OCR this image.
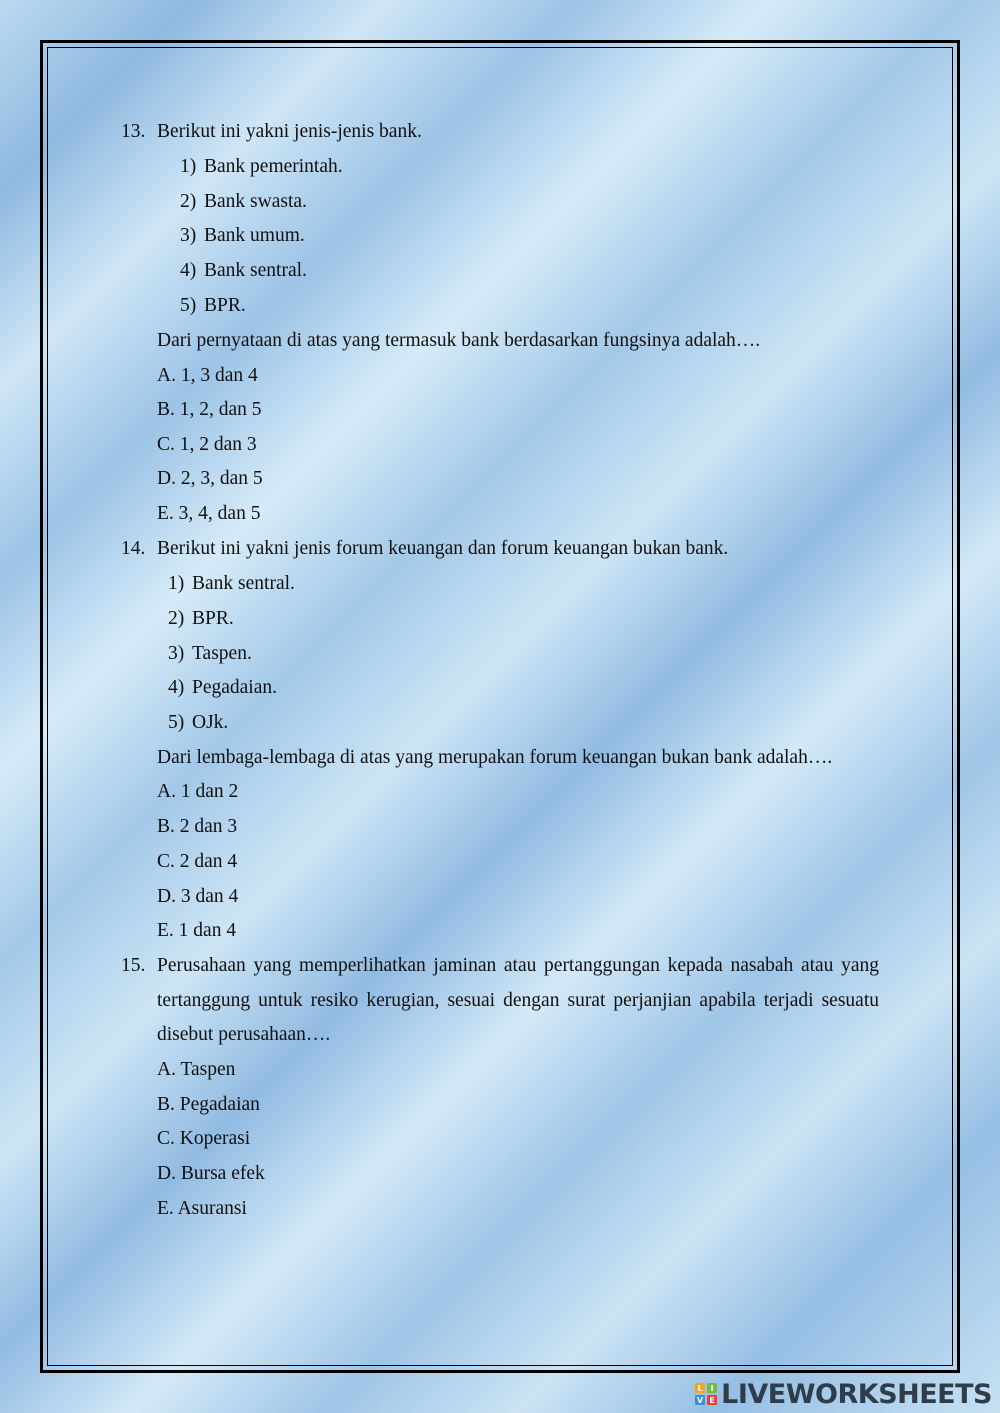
13. Berikut ini yakni jenis-jenis bank.
1) Bank pemerintah.
2) Bank swasta.
3) Bank umum.
4) Bank sentral.
5) BPR.
Dari pernyataan di atas yang termasuk bank berdasarkan fungsinya adalah….
A. 1, 3 dan 4
B. 1, 2, dan 5
C. 1, 2 dan 3
D. 2, 3, dan 5
E. 3, 4, dan 5
14. Berikut ini yakni jenis forum keuangan dan forum keuangan bukan bank.
1) Bank sentral.
2) BPR.
3) Taspen.
4) Pegadaian.
5) OJk.
Dari lembaga-lembaga di atas yang merupakan forum keuangan bukan bank adalah….
A. 1 dan 2
B. 2 dan 3
C. 2 dan 4
D. 3 dan 4
E. 1 dan 4
15. Perusahaan yang memperlihatkan jaminan atau pertanggungan kepada nasabah atau yang
tertanggung untuk resiko kerugian, sesuai dengan surat perjanjian apabila terjadi sesuatu
disebut perusahaan….
A. Taspen
B. Pegadaian
C. Koperasi
D. Bursa efek
E. Asuransi
L I
V E LIVEWORKSHEETS
